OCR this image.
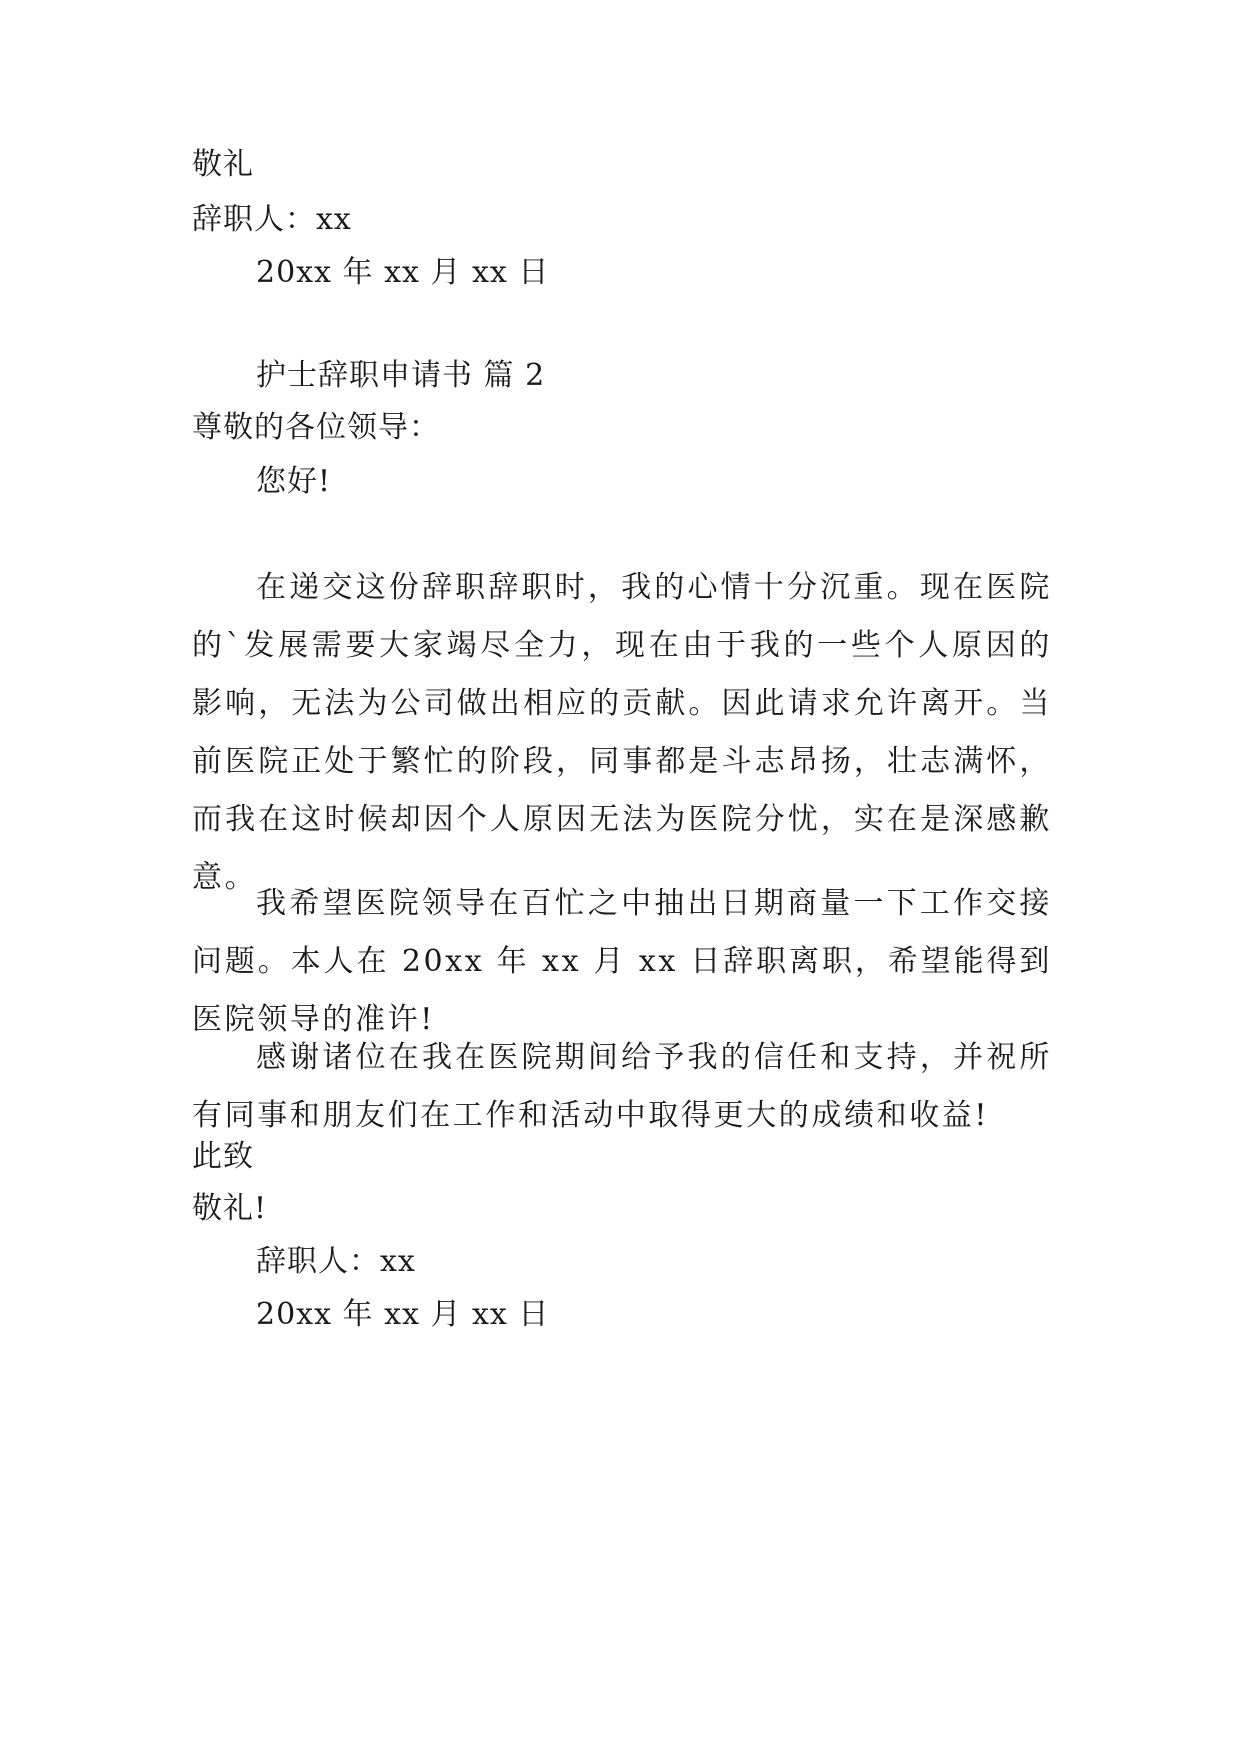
敬礼
辞职人：xx
20xx 年 xx 月 xx 日
护士辞职申请书 篇 2
尊敬的各位领导：
您好!
在递交这份辞职辞职时，我的心情十分沉重。现在医院的`发展需要大家竭尽全力，现在由于我的一些个人原因的影响，无法为公司做出相应的贡献。因此请求允许离开。当前医院正处于繁忙的阶段，同事都是斗志昂扬，壮志满怀，而我在这时候却因个人原因无法为医院分忧，实在是深感歉意。
我希望医院领导在百忙之中抽出日期商量一下工作交接问题。本人在 20xx 年 xx 月 xx 日辞职离职，希望能得到医院领导的准许!
感谢诸位在我在医院期间给予我的信任和支持，并祝所有同事和朋友们在工作和活动中取得更大的成绩和收益!
此致
敬礼!
辞职人：xx
20xx 年 xx 月 xx 日
